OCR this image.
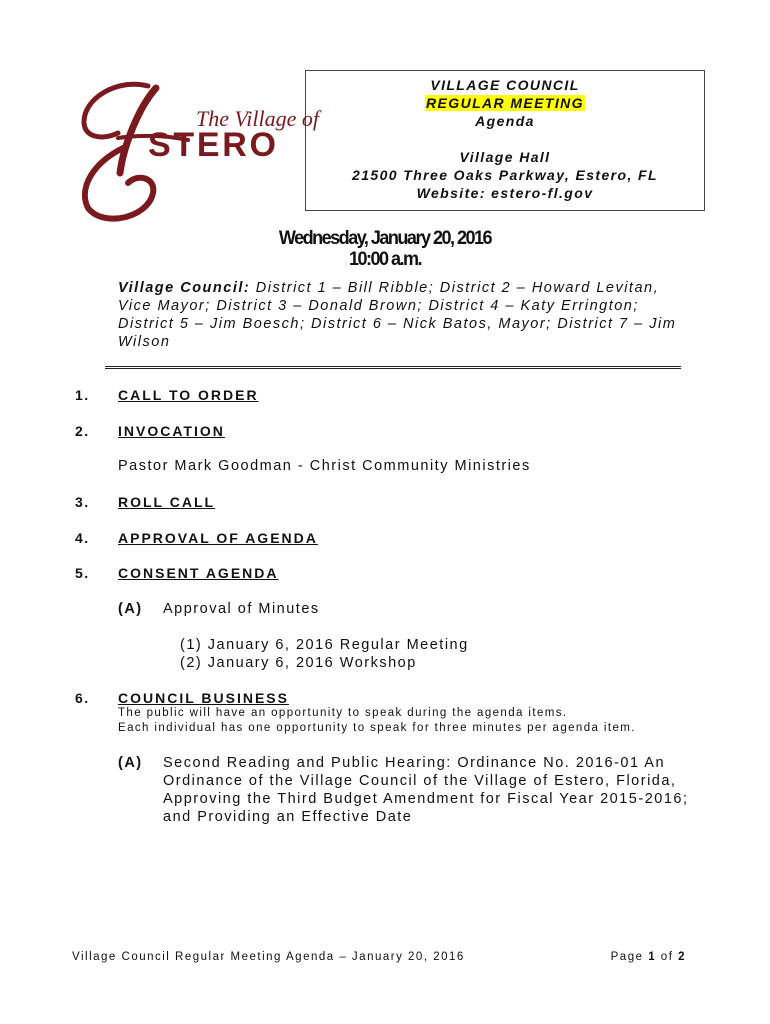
The Village of
STERO
VILLAGE COUNCIL
REGULAR MEETING
Agenda
Village Hall
21500 Three Oaks Parkway, Estero, FL
Website: estero-fl.gov
Wednesday, January 20, 2016
10:00 a.m.
Village Council: District 1 – Bill Ribble; District 2 – Howard Levitan, Vice Mayor; District 3 – Donald Brown; District 4 – Katy Errington; District 5 – Jim Boesch; District 6 – Nick Batos, Mayor; District 7 – Jim Wilson
1. CALL TO ORDER
2. INVOCATION
Pastor Mark Goodman - Christ Community Ministries
3. ROLL CALL
4. APPROVAL OF AGENDA
5. CONSENT AGENDA
(A) Approval of Minutes
(1) January 6, 2016 Regular Meeting
(2) January 6, 2016 Workshop
6. COUNCIL BUSINESS
The public will have an opportunity to speak during the agenda items.
Each individual has one opportunity to speak for three minutes per agenda item.
(A) Second Reading and Public Hearing: Ordinance No. 2016-01 An
Ordinance of the Village Council of the Village of Estero, Florida,
Approving the Third Budget Amendment for Fiscal Year 2015-2016;
and Providing an Effective Date
Village Council Regular Meeting Agenda – January 20, 2016	Page 1 of 2
